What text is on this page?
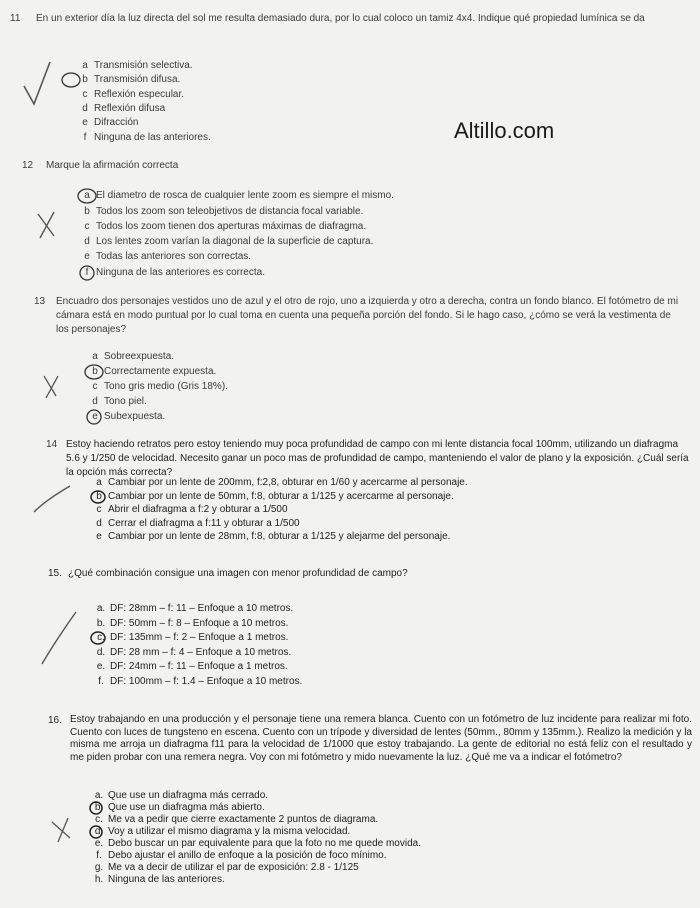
Altillo.com
11 En un exterior día la luz directa del sol me resulta demasiado dura, por lo cual coloco un tamiz 4x4. Indique qué propiedad lumínica se da
a Transmisión selectiva.
b Transmisión difusa.
c Reflexión especular.
d Reflexión difusa
e Difracción
f Ninguna de las anteriores.
12 Marque la afirmación correcta
a El diametro de rosca de cualquier lente zoom es siempre el mismo.
b Todos los zoom son teleobjetivos de distancia focal variable.
c Todos los zoom tienen dos aperturas máximas de diafragma.
d Los lentes zoom varían la diagonal de la superficie de captura.
e Todas las anteriores son correctas.
f Ninguna de las anteriores es correcta.
13 Encuadro dos personajes vestidos uno de azul y el otro de rojo, uno a izquierda y otro a derecha, contra un fondo blanco. El fotómetro de mi cámara está en modo puntual por lo cual toma en cuenta una pequeña porción del fondo. Si le hago caso, ¿cómo se verá la vestimenta de los personajes?
a Sobreexpuesta.
b Correctamente expuesta.
c Tono gris medio (Gris 18%).
d Tono piel.
e Subexpuesta.
14 Estoy haciendo retratos pero estoy teniendo muy poca profundidad de campo con mi lente distancia focal 100mm, utilizando un diafragma 5.6 y 1/250 de velocidad. Necesito ganar un poco mas de profundidad de campo, manteniendo el valor de plano y la exposición. ¿Cuál sería la opción más correcta?
a Cambiar por un lente de 200mm, f:2,8, obturar en 1/60 y acercarme al personaje.
b Cambiar por un lente de 50mm, f:8, obturar a 1/125 y acercarme al personaje.
c Abrir el diafragma a f:2 y obturar a 1/500
d Cerrar el diafragma a f:11 y obturar a 1/500
e Cambiar por un lente de 28mm, f:8, obturar a 1/125 y alejarme del personaje.
15. ¿Qué combinación consigue una imagen con menor profundidad de campo?
a. DF: 28mm – f: 11 – Enfoque a 10 metros.
b. DF: 50mm – f: 8 – Enfoque a 10 metros.
c. DF: 135mm – f: 2 – Enfoque a 1 metros.
d. DF: 28 mm – f: 4 – Enfoque a 10 metros.
e. DF: 24mm – f: 11 – Enfoque a 1 metros.
f. DF: 100mm – f: 1.4 – Enfoque a 10 metros.
16. Estoy trabajando en una producción y el personaje tiene una remera blanca. Cuento con un fotómetro de luz incidente para realizar mi foto. Cuento con luces de tungsteno en escena. Cuento con un trípode y diversidad de lentes (50mm., 80mm y 135mm.). Realizo la medición y la misma me arroja un diafragma f11 para la velocidad de 1/1000 que estoy trabajando. La gente de editorial no está feliz con el resultado y me piden probar con una remera negra. Voy con mi fotómetro y mido nuevamente la luz. ¿Qué me va a indicar el fotómetro?
a. Que use un diafragma más cerrado.
b. Que use un diafragma más abierto.
c. Me va a pedir que cierre exactamente 2 puntos de diagrama.
d. Voy a utilizar el mismo diagrama y la misma velocidad.
e. Debo buscar un par equivalente para que la foto no me quede movida.
f. Debo ajustar el anillo de enfoque a la posición de foco mínimo.
g. Me va a decir de utilizar el par de exposición: 2.8 - 1/125
h. Ninguna de las anteriores.
